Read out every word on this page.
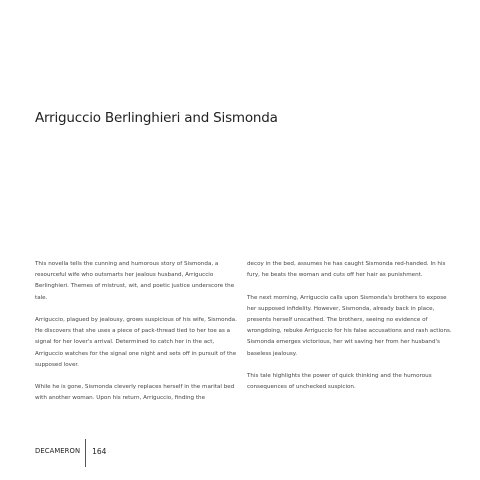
Arriguccio Berlinghieri and Sismonda

This novella tells the cunning and humorous story of Sismonda, a resourceful wife who outsmarts her jealous husband, Arriguccio Berlinghieri. Themes of mistrust, wit, and poetic justice underscore the tale.

Arriguccio, plagued by jealousy, grows suspicious of his wife, Sismonda. He discovers that she uses a piece of pack-thread tied to her toe as a signal for her lover's arrival. Determined to catch her in the act, Arriguccio watches for the signal one night and sets off in pursuit of the supposed lover.

While he is gone, Sismonda cleverly replaces herself in the marital bed with another woman. Upon his return, Arriguccio, finding the

decoy in the bed, assumes he has caught Sismonda red-handed. In his fury, he beats the woman and cuts off her hair as punishment.

The next morning, Arriguccio calls upon Sismonda's brothers to expose her supposed infidelity. However, Sismonda, already back in place, presents herself unscathed. The brothers, seeing no evidence of wrongdoing, rebuke Arriguccio for his false accusations and rash actions. Sismonda emerges victorious, her wit saving her from her husband's baseless jealousy.

This tale highlights the power of quick thinking and the humorous consequences of unchecked suspicion.

DECAMERON 164
